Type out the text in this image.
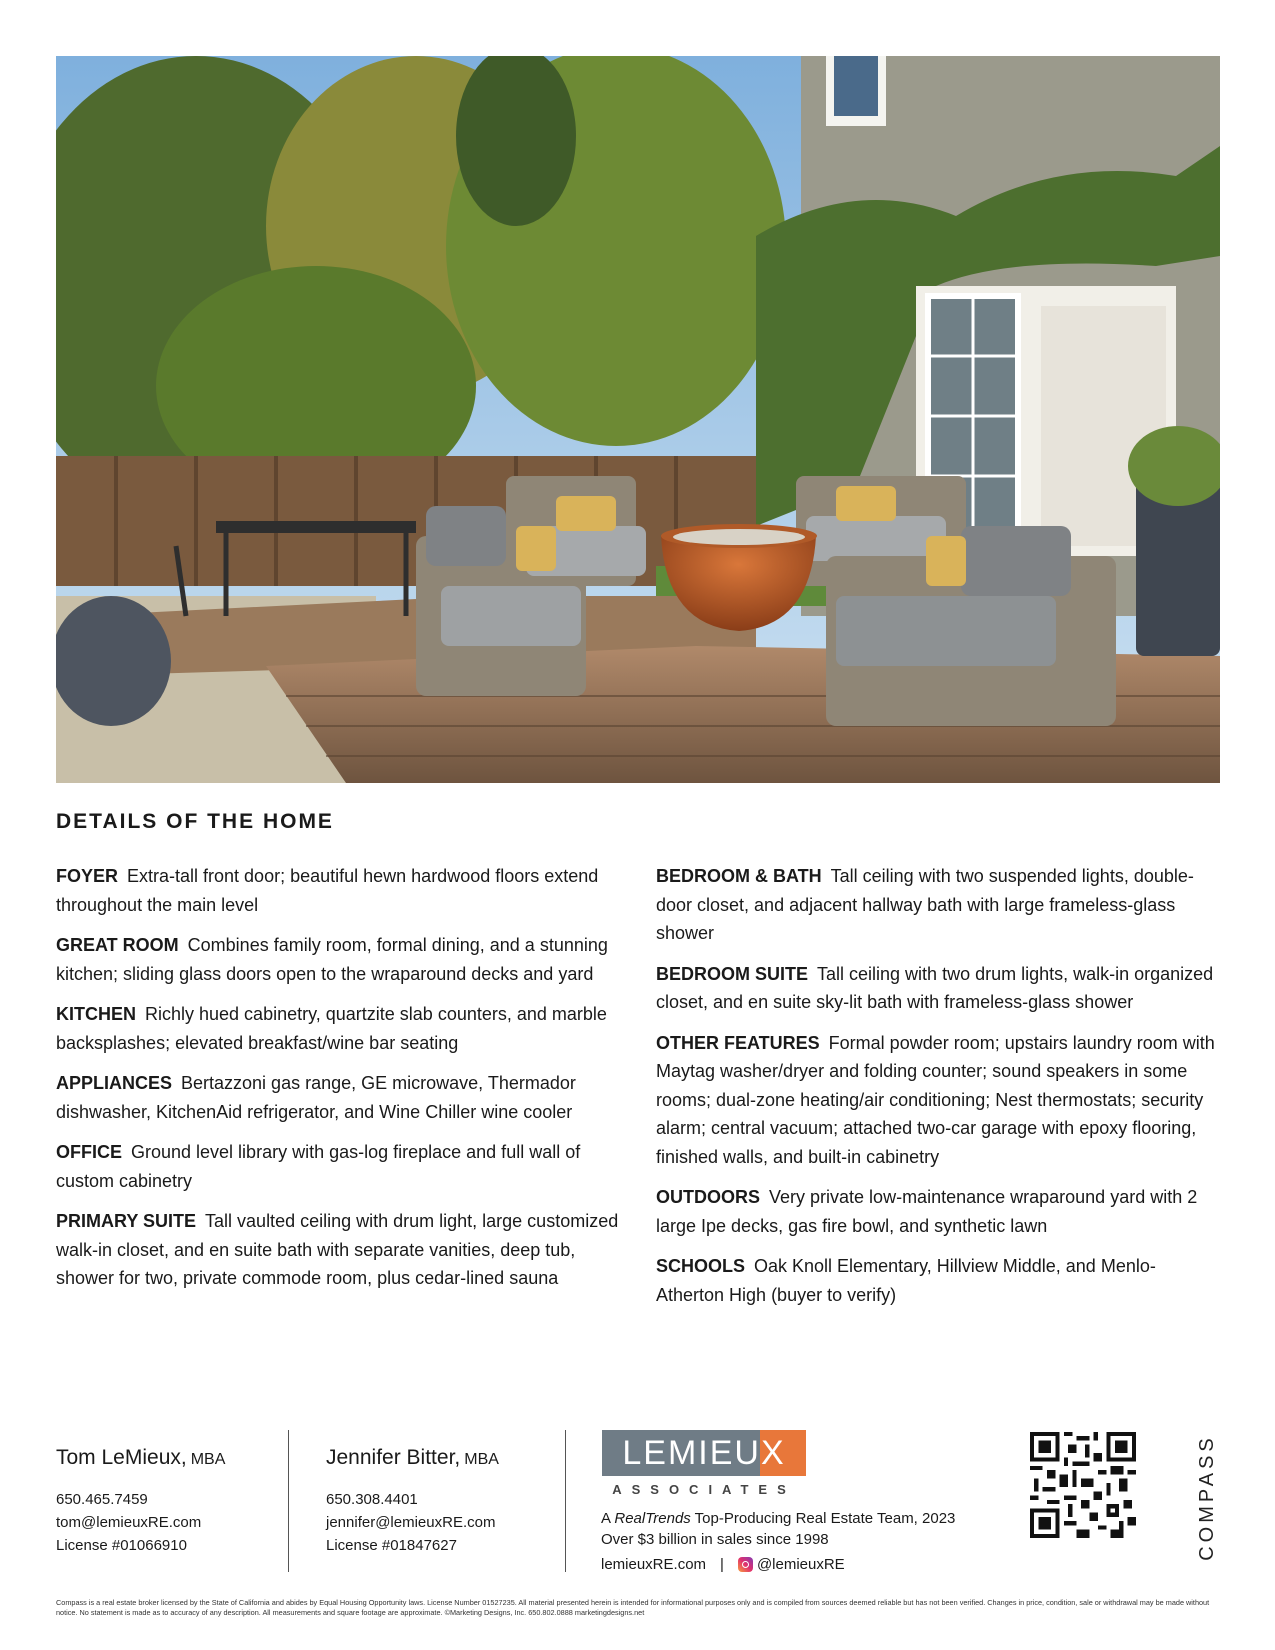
DETAILS OF THE HOME

FOYER Extra-tall front door; beautiful hewn hardwood floors extend throughout the main level

GREAT ROOM Combines family room, formal dining, and a stunning kitchen; sliding glass doors open to the wraparound decks and yard

KITCHEN Richly hued cabinetry, quartzite slab counters, and marble backsplashes; elevated breakfast/wine bar seating

APPLIANCES Bertazzoni gas range, GE microwave, Thermador dishwasher, KitchenAid refrigerator, and Wine Chiller wine cooler

OFFICE Ground level library with gas-log fireplace and full wall of custom cabinetry

PRIMARY SUITE Tall vaulted ceiling with drum light, large customized walk-in closet, and en suite bath with separate vanities, deep tub, shower for two, private commode room, plus cedar-lined sauna

BEDROOM & BATH Tall ceiling with two suspended lights, double-door closet, and adjacent hallway bath with large frameless-glass shower

BEDROOM SUITE Tall ceiling with two drum lights, walk-in organized closet, and en suite sky-lit bath with frameless-glass shower

OTHER FEATURES Formal powder room; upstairs laundry room with Maytag washer/dryer and folding counter; sound speakers in some rooms; dual-zone heating/air conditioning; Nest thermostats; security alarm; central vacuum; attached two-car garage with epoxy flooring, finished walls, and built-in cabinetry

OUTDOORS Very private low-maintenance wraparound yard with 2 large Ipe decks, gas fire bowl, and synthetic lawn

SCHOOLS Oak Knoll Elementary, Hillview Middle, and Menlo-Atherton High (buyer to verify)

Tom LeMieux, MBA
650.465.7459
tom@lemieuxRE.com
License #01066910
Jennifer Bitter, MBA
650.308.4401
jennifer@lemieuxRE.com
License #01847627
LEMIEUX
ASSOCIATES
A RealTrends Top-Producing Real Estate Team, 2023
Over $3 billion in sales since 1998
lemieuxRE.com | @lemieuxRE
COMPASS
Compass is a real estate broker licensed by the State of California and abides by Equal Housing Opportunity laws. License Number 01527235. All material presented herein is intended for informational purposes only and is compiled from sources deemed reliable but has not been verified. Changes in price, condition, sale or withdrawal may be made without notice. No statement is made as to accuracy of any description. All measurements and square footage are approximate. ©Marketing Designs, Inc. 650.802.0888 marketingdesigns.net
